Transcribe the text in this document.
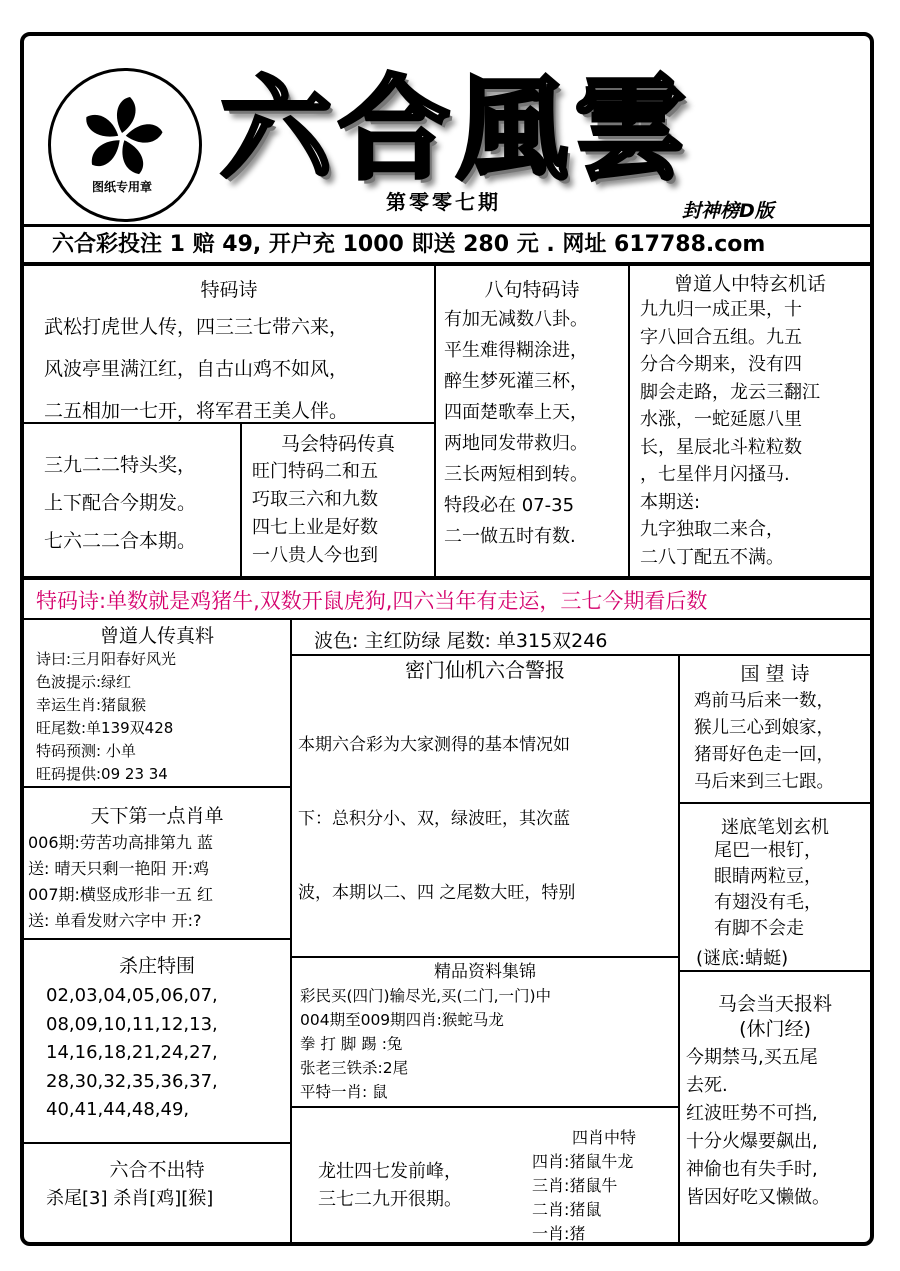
六合風雲
图纸专用章
第零零七期	封神榜D版
六合彩投注 1 赔 49, 开户充 1000 即送 280 元 . 网址 617788.com
特码诗
武松打虎世人传，四三三七带六来，
风波亭里满江红，自古山鸡不如风，
二五相加一七开，将军君王美人伴。
八句特码诗
有加无减数八卦。
平生难得糊涂进，
醉生梦死灌三杯，
四面楚歌奉上天，
两地同发带救归。
三长两短相到转。
特段必在 07-35
二一做五时有数.
曾道人中特玄机话
九九归一成正果，十
字八回合五组。九五
分合今期来，没有四
脚会走路，龙云三翻江
水涨，一蛇延愿八里
长，星辰北斗粒粒数
，七星伴月闪搔马.
本期送:
九字独取二来合，
二八丁配五不满。
三九二二特头奖，
上下配合今期发。
七六二二合本期。
马会特码传真
旺门特码二和五
巧取三六和九数
四七上业是好数
一八贵人今也到
特码诗:单数就是鸡猪牛,双数开鼠虎狗,四六当年有走运，三七今期看后数
曾道人传真料
诗曰:三月阳春好风光
色波提示:绿红
幸运生肖:猪鼠猴
旺尾数:单139双428
特码预测: 小单
旺码提供:09 23 34
天下第一点肖单
006期:劳苦功高排第九 蓝
送: 晴天只剩一艳阳 开:鸡
007期:横竖成形非一五 红
送: 单看发财六字中 开:?
杀庄特围
02,03,04,05,06,07,
08,09,10,11,12,13,
14,16,18,21,24,27,
28,30,32,35,36,37,
40,41,44,48,49,
六合不出特
杀尾[3] 杀肖[鸡][猴]
波色: 主红防绿 尾数: 单315双246
密门仙机六合警报

本期六合彩为大家测得的基本情况如

下：总积分小、双，绿波旺，其次蓝

波，本期以二、四 之尾数大旺，特别

精品资料集锦
彩民买(四门)输尽光,买(二门,一门)中
004期至009期四肖:猴蛇马龙
拳 打 脚 踢 :兔
张老三铁杀:2尾
平特一肖: 鼠
龙壮四七发前峰，
三七二九开很期。
四肖中特
四肖:猪鼠牛龙
三肖:猪鼠牛
二肖:猪鼠
一肖:猪
国 望 诗
鸡前马后来一数，
猴儿三心到娘家，
猪哥好色走一回，
马后来到三七跟。
迷底笔划玄机
尾巴一根钉，
眼睛两粒豆，
有翅没有毛，
有脚不会走
(谜底:蜻蜓)
马会当天报料
(休门经)
今期禁马,买五尾
去死.
红波旺势不可挡,
十分火爆要飙出,
神偷也有失手时,
皆因好吃又懒做。
